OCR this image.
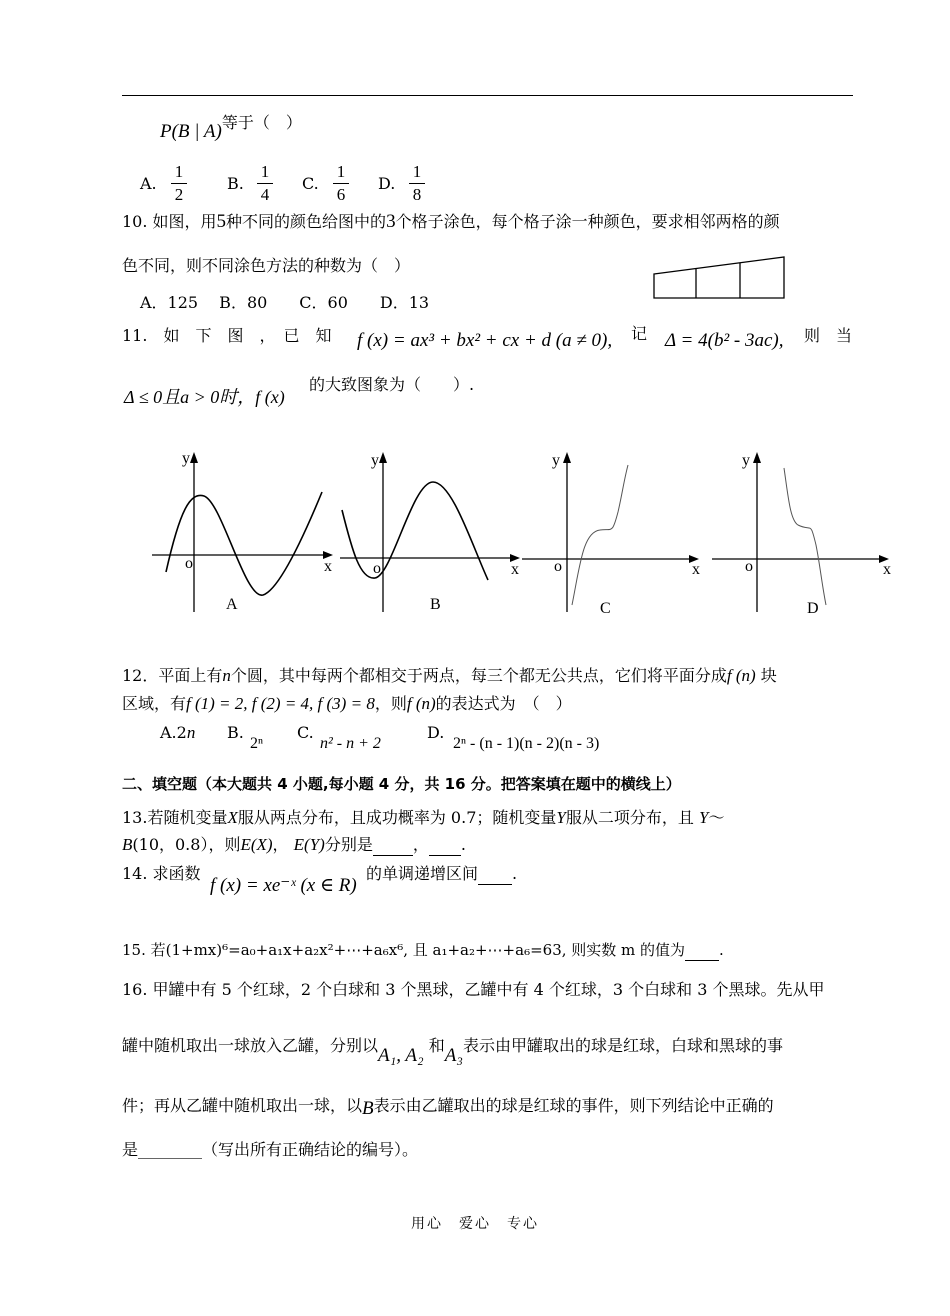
P(B | A)等于（　）
A.
1
2
B.
1
4
C.
1
6
D.
1
8
10. 如图，用5种不同的颜色给图中的3个格子涂色，每个格子涂一种颜色，要求相邻两格的颜
色不同，则不同涂色方法的种数为（　）
A．125　 B．80　　C．60　　D．13
11.　如　下　图　，　已　知 f (x) = ax³ + bx² + cx + d (a ≠ 0), 记 Δ = 4(b² - 3ac), 则　当
Δ ≤ 0且a > 0时，f (x)
的大致图象为（　　）.
y
o	x
A
y
o	x
B
y
o	x
C
y
o	x
D
12．平面上有n个圆，其中每两个都相交于两点，每三个都无公共点，它们将平面分成f (n) 块
区域，有f (1) = 2, f (2) = 4, f (3) = 8，则f (n)的表达式为　（　）
A.2n B.
2ⁿ
C.
n² - n + 2
D.
2ⁿ - (n - 1)(n - 2)(n - 3)
二、填空题（本大题共 4 小题,每小题 4 分，共 16 分。把答案填在题中的横线上）
13.若随机变量X服从两点分布，且成功概率为 0.7；随机变量Y服从二项分布，且 Y～
B(10，0.8），则E(X)， E(Y)分别是	， .
14. 求函数
f (x) = xe⁻ˣ (x ∈ R)
的单调递增区间 .
15. 若(1+mx)⁶=a₀+a₁x+a₂x²+⋯+a₆x⁶, 且 a₁+a₂+⋯+a₆=63, 则实数 m 的值为 .
16. 甲罐中有 5 个红球，2 个白球和 3 个黑球，乙罐中有 4 个红球，3 个白球和 3 个黑球。先从甲
罐中随机取出一球放入乙罐，分别以A₁, A₂ 和A₃表示由甲罐取出的球是红球，白球和黑球的事
件；再从乙罐中随机取出一球，以B表示由乙罐取出的球是红球的事件，则下列结论中正确的
是________（写出所有正确结论的编号）。
用心　爱心　专心
